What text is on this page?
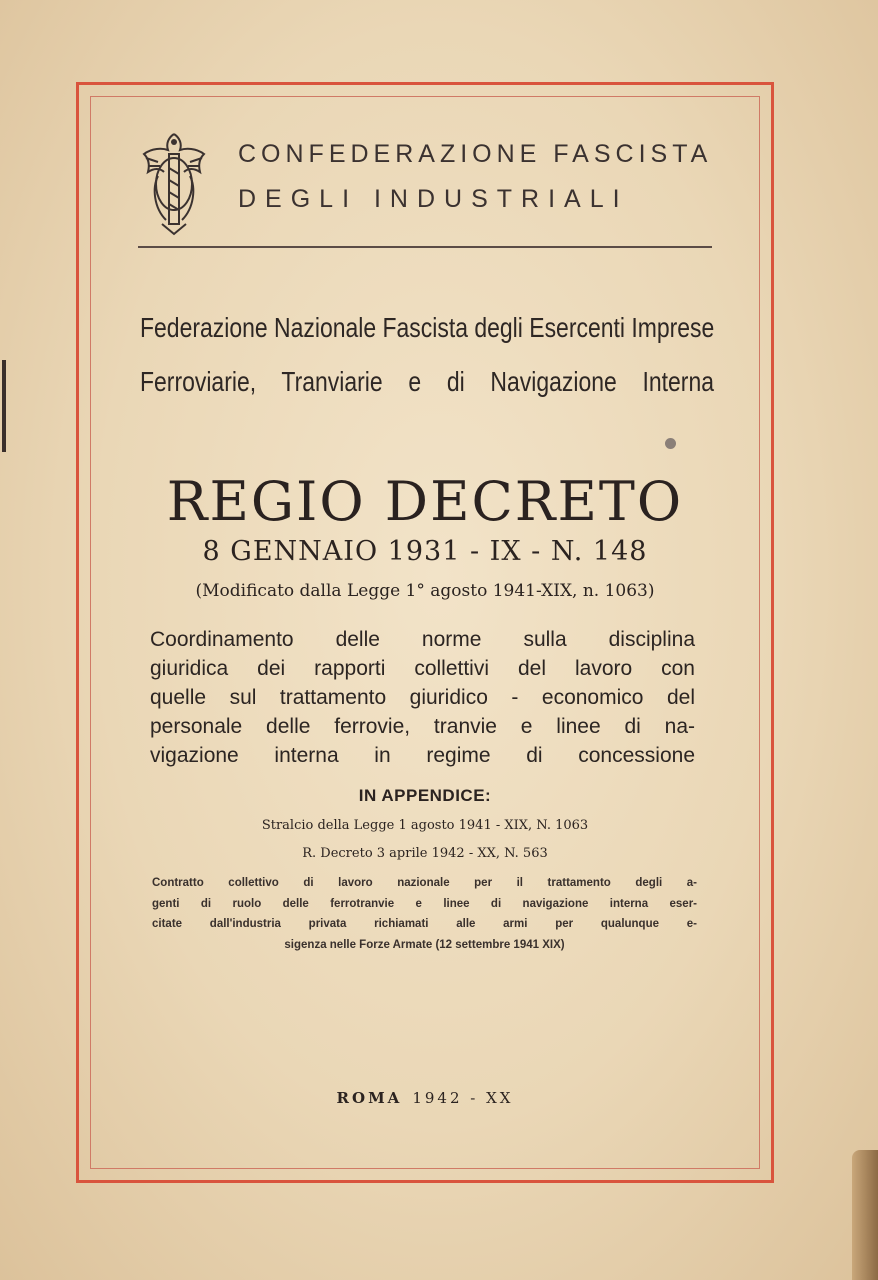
CONFEDERAZIONE FASCISTA
DEGLI INDUSTRIALI
Federazione Nazionale Fascista degli Esercenti Imprese
Ferroviarie, Tranviarie e di Navigazione Interna
REGIO DECRETO
8 GENNAIO 1931 - IX - N. 148
(Modificato dalla Legge 1° agosto 1941-XIX, n. 1063)
Coordinamento delle norme sulla disciplina
giuridica dei rapporti collettivi del lavoro con
quelle sul trattamento giuridico - economico del
personale delle ferrovie, tranvie e linee di na-
vigazione interna in regime di concessione
IN APPENDICE:
Stralcio della Legge 1 agosto 1941 - XIX, N. 1063
R. Decreto 3 aprile 1942 - XX, N. 563
Contratto collettivo di lavoro nazionale per il trattamento degli a-
genti di ruolo delle ferrotranvie e linee di navigazione interna eser-
citate dall'industria privata richiamati alle armi per qualunque e-
sigenza nelle Forze Armate (12 settembre 1941 XIX)
ROMA 1942 - XX
